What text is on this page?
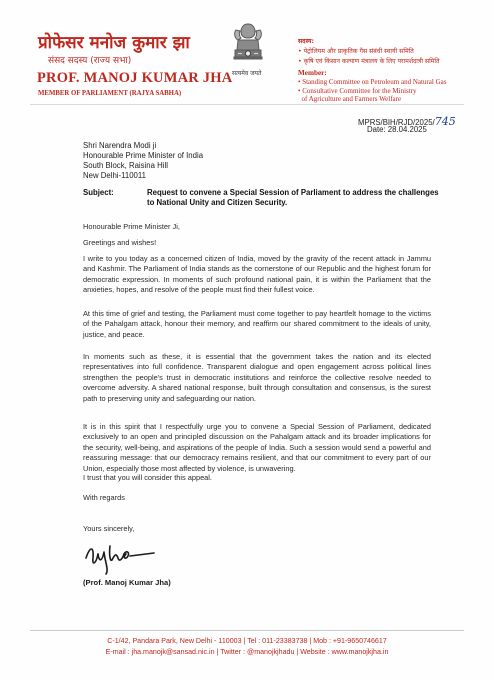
प्रोफेसर मनोज कुमार झा
संसद सदस्य (राज्य सभा)
PROF. MANOJ KUMAR JHA
MEMBER OF PARLIAMENT (RAJYA SABHA)
सत्यमेव जयते
सदस्य:
• पेट्रोलियम और प्राकृतिक गैस संबंधी स्थायी समिति
• कृषि एवं किसान कल्याण मंत्रालय के लिए परामर्शदात्री समिति
Member:
• Standing Committee on Petroleum and Natural Gas
• Consultative Committee for the Ministry
of Agriculture and Farmers Welfare
MPRS/BIH/RJD/2025/745
Date: 28.04.2025
Shri Narendra Modi ji
Honourable Prime Minister of India
South Block, Raisina Hill
New Delhi-110011
Subject:	Request to convene a Special Session of Parliament to address the challenges to National Unity and Citizen Security.
Honourable Prime Minister Ji,
Greetings and wishes!

I write to you today as a concerned citizen of India, moved by the gravity of the recent attack in Jammu and Kashmir. The Parliament of India stands as the cornerstone of our Republic and the highest forum for democratic expression. In moments of such profound national pain, it is within the Parliament that the anxieties, hopes, and resolve of the people must find their fullest voice.

At this time of grief and testing, the Parliament must come together to pay heartfelt homage to the victims of the Pahalgam attack, honour their memory, and reaffirm our shared commitment to the ideals of unity, justice, and peace.

In moments such as these, it is essential that the government takes the nation and its elected representatives into full confidence. Transparent dialogue and open engagement across political lines strengthen the people's trust in democratic institutions and reinforce the collective resolve needed to overcome adversity. A shared national response, built through consultation and consensus, is the surest path to preserving unity and safeguarding our nation.

It is in this spirit that I respectfully urge you to convene a Special Session of Parliament, dedicated exclusively to an open and principled discussion on the Pahalgam attack and its broader implications for the security, well-being, and aspirations of the people of India. Such a session would send a powerful and reassuring message: that our democracy remains resilient, and that our commitment to every part of our Union, especially those most affected by violence, is unwavering.

I trust that you will consider this appeal.
With regards
Yours sincerely,
(Prof. Manoj Kumar Jha)
C-1/42, Pandara Park, New Delhi - 110003 | Tel : 011-23383738 | Mob : +91-9650746617
E-mail : jha.manojk@sansad.nic.in | Twitter : @manojkjhadu | Website : www.manojkjha.in
